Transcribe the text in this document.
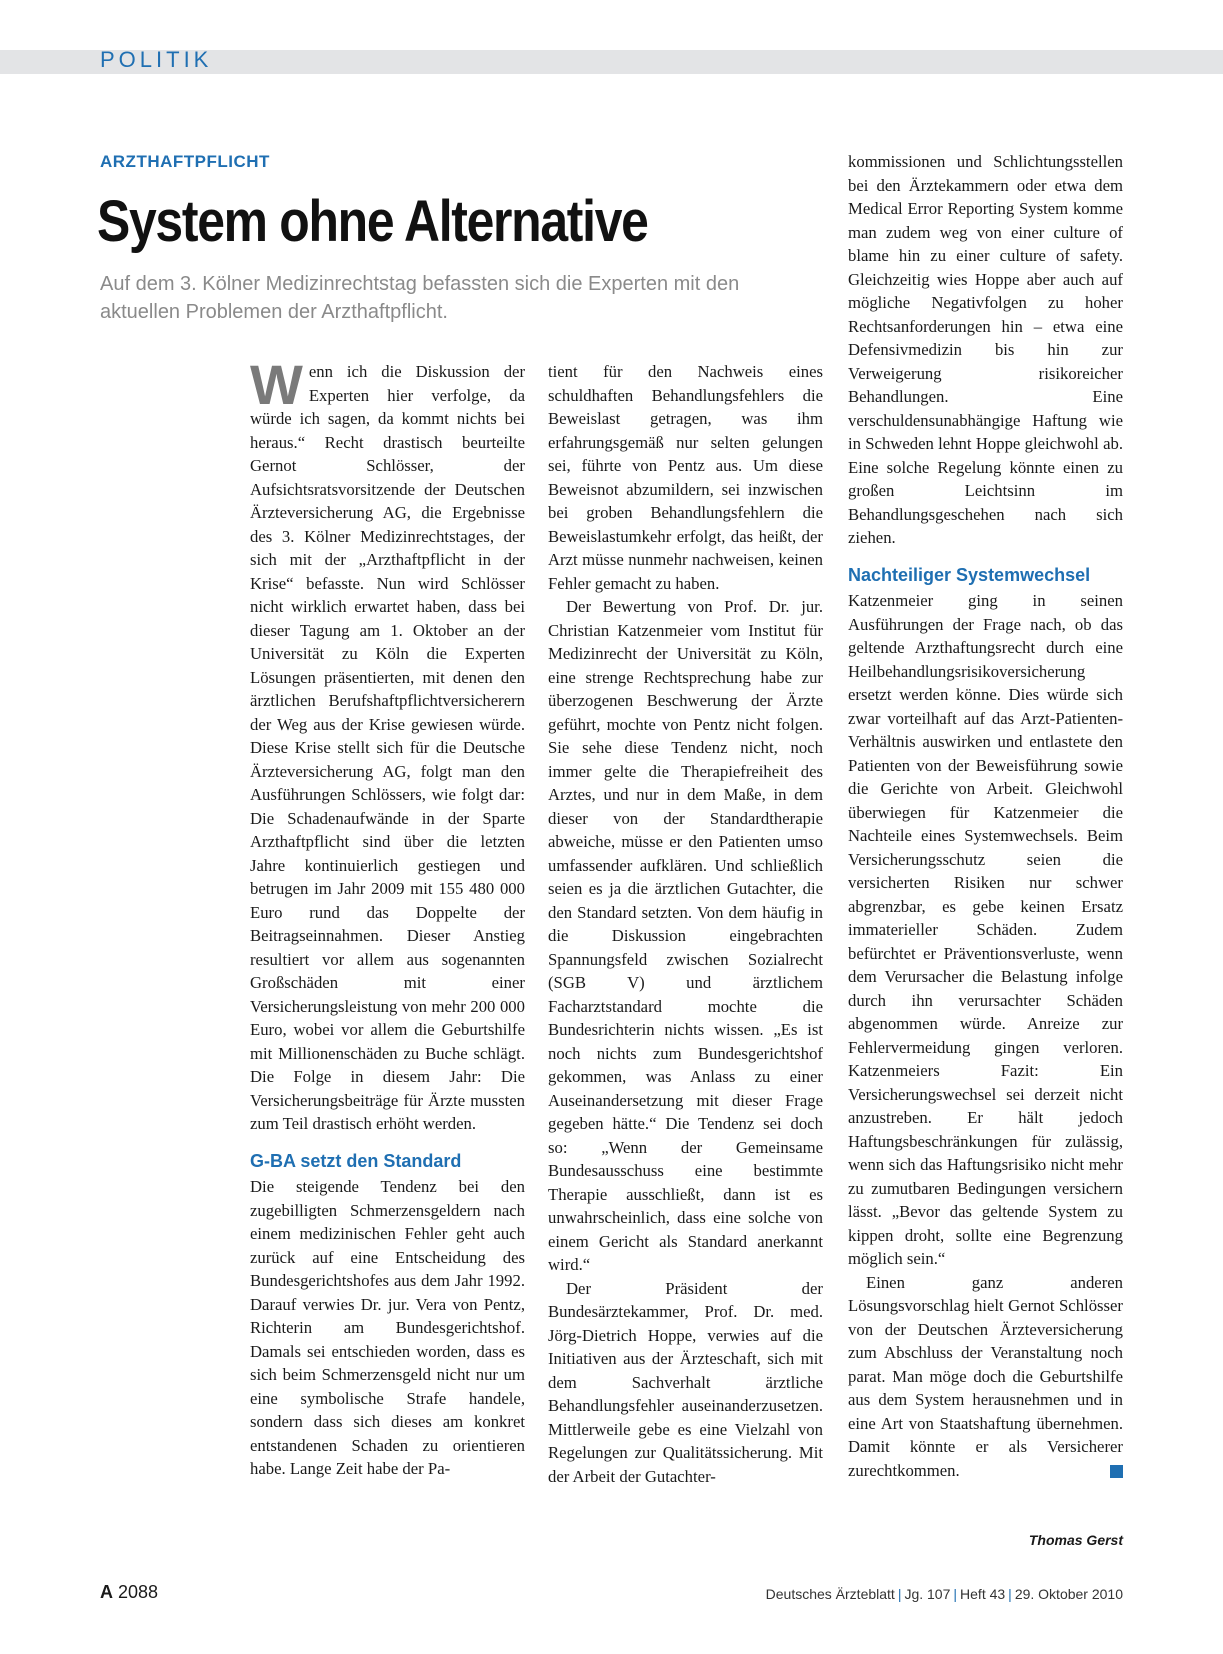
POLITIK
ARZTHAFTPFLICHT
System ohne Alternative
Auf dem 3. Kölner Medizinrechtstag befassten sich die Experten mit den aktuellen Problemen der Arzthaftpflicht.

Wenn ich die Diskussion der Experten hier verfolge, da würde ich sagen, da kommt nichts bei heraus.“ Recht drastisch beurteilte Gernot Schlösser, der Aufsichtsratsvorsitzende der Deutschen Ärzteversicherung AG, die Ergebnisse des 3. Kölner Medizinrechtstages, der sich mit der „Arzthaftpflicht in der Krise“ befasste. Nun wird Schlösser nicht wirklich erwartet haben, dass bei dieser Tagung am 1. Oktober an der Universität zu Köln die Experten Lösungen präsentierten, mit denen den ärztlichen Berufshaftpflichtversicherern der Weg aus der Krise gewiesen würde. Diese Krise stellt sich für die Deutsche Ärzteversicherung AG, folgt man den Ausführungen Schlössers, wie folgt dar: Die Schadenaufwände in der Sparte Arzthaftpflicht sind über die letzten Jahre kontinuierlich gestiegen und betrugen im Jahr 2009 mit 155 480 000 Euro rund das Doppelte der Beitragseinnahmen. Dieser Anstieg resultiert vor allem aus sogenannten Großschäden mit einer Versicherungsleistung von mehr 200 000 Euro, wobei vor allem die Geburtshilfe mit Millionenschäden zu Buche schlägt. Die Folge in diesem Jahr: Die Versicherungsbeiträge für Ärzte mussten zum Teil drastisch erhöht werden.

G-BA setzt den Standard

Die steigende Tendenz bei den zugebilligten Schmerzensgeldern nach einem medizinischen Fehler geht auch zurück auf eine Entscheidung des Bundesgerichtshofes aus dem Jahr 1992. Darauf verwies Dr. jur. Vera von Pentz, Richterin am Bundesgerichtshof. Damals sei entschieden worden, dass es sich beim Schmerzensgeld nicht nur um eine symbolische Strafe handele, sondern dass sich dieses am konkret entstandenen Schaden zu orientieren habe. Lange Zeit habe der Pa-

tient für den Nachweis eines schuldhaften Behandlungsfehlers die Beweislast getragen, was ihm erfahrungsgemäß nur selten gelungen sei, führte von Pentz aus. Um diese Beweisnot abzumildern, sei inzwischen bei groben Behandlungsfehlern die Beweislastumkehr erfolgt, das heißt, der Arzt müsse nunmehr nachweisen, keinen Fehler gemacht zu haben.

Der Bewertung von Prof. Dr. jur. Christian Katzenmeier vom Institut für Medizinrecht der Universität zu Köln, eine strenge Rechtsprechung habe zur überzogenen Beschwerung der Ärzte geführt, mochte von Pentz nicht folgen. Sie sehe diese Tendenz nicht, noch immer gelte die Therapiefreiheit des Arztes, und nur in dem Maße, in dem dieser von der Standardtherapie abweiche, müsse er den Patienten umso umfassender aufklären. Und schließlich seien es ja die ärztlichen Gutachter, die den Standard setzten. Von dem häufig in die Diskussion eingebrachten Spannungsfeld zwischen Sozialrecht (SGB V) und ärztlichem Facharztstandard mochte die Bundesrichterin nichts wissen. „Es ist noch nichts zum Bundesgerichtshof gekommen, was Anlass zu einer Auseinandersetzung mit dieser Frage gegeben hätte.“ Die Tendenz sei doch so: „Wenn der Gemeinsame Bundesausschuss eine bestimmte Therapie ausschließt, dann ist es unwahrscheinlich, dass eine solche von einem Gericht als Standard anerkannt wird.“

Der Präsident der Bundesärztekammer, Prof. Dr. med. Jörg-Dietrich Hoppe, verwies auf die Initiativen aus der Ärzteschaft, sich mit dem Sachverhalt ärztliche Behandlungsfehler auseinanderzusetzen. Mittlerweile gebe es eine Vielzahl von Regelungen zur Qualitätssicherung. Mit der Arbeit der Gutachter-

kommissionen und Schlichtungsstellen bei den Ärztekammern oder etwa dem Medical Error Reporting System komme man zudem weg von einer culture of blame hin zu einer culture of safety. Gleichzeitig wies Hoppe aber auch auf mögliche Negativfolgen zu hoher Rechtsanforderungen hin – etwa eine Defensivmedizin bis hin zur Verweigerung risikoreicher Behandlungen. Eine verschuldensunabhängige Haftung wie in Schweden lehnt Hoppe gleichwohl ab. Eine solche Regelung könnte einen zu großen Leichtsinn im Behandlungsgeschehen nach sich ziehen.

Nachteiliger Systemwechsel

Katzenmeier ging in seinen Ausführungen der Frage nach, ob das geltende Arzthaftungsrecht durch eine Heilbehandlungsrisikoversicherung ersetzt werden könne. Dies würde sich zwar vorteilhaft auf das Arzt-Patienten-Verhältnis auswirken und entlastete den Patienten von der Beweisführung sowie die Gerichte von Arbeit. Gleichwohl überwiegen für Katzenmeier die Nachteile eines Systemwechsels. Beim Versicherungsschutz seien die versicherten Risiken nur schwer abgrenzbar, es gebe keinen Ersatz immaterieller Schäden. Zudem befürchtet er Präventionsverluste, wenn dem Verursacher die Belastung infolge durch ihn verursachter Schäden abgenommen würde. Anreize zur Fehlervermeidung gingen verloren. Katzenmeiers Fazit: Ein Versicherungswechsel sei derzeit nicht anzustreben. Er hält jedoch Haftungsbeschränkungen für zulässig, wenn sich das Haftungsrisiko nicht mehr zu zumutbaren Bedingungen versichern lässt. „Bevor das geltende System zu kippen droht, sollte eine Begrenzung möglich sein.“

Einen ganz anderen Lösungsvorschlag hielt Gernot Schlösser von der Deutschen Ärzteversicherung zum Abschluss der Veranstaltung noch parat. Man möge doch die Geburtshilfe aus dem System herausnehmen und in eine Art von Staatshaftung übernehmen. Damit könnte er als Versicherer zurechtkommen.

Thomas Gerst
A 2088	Deutsches Ärzteblatt | Jg. 107 | Heft 43 | 29. Oktober 2010
